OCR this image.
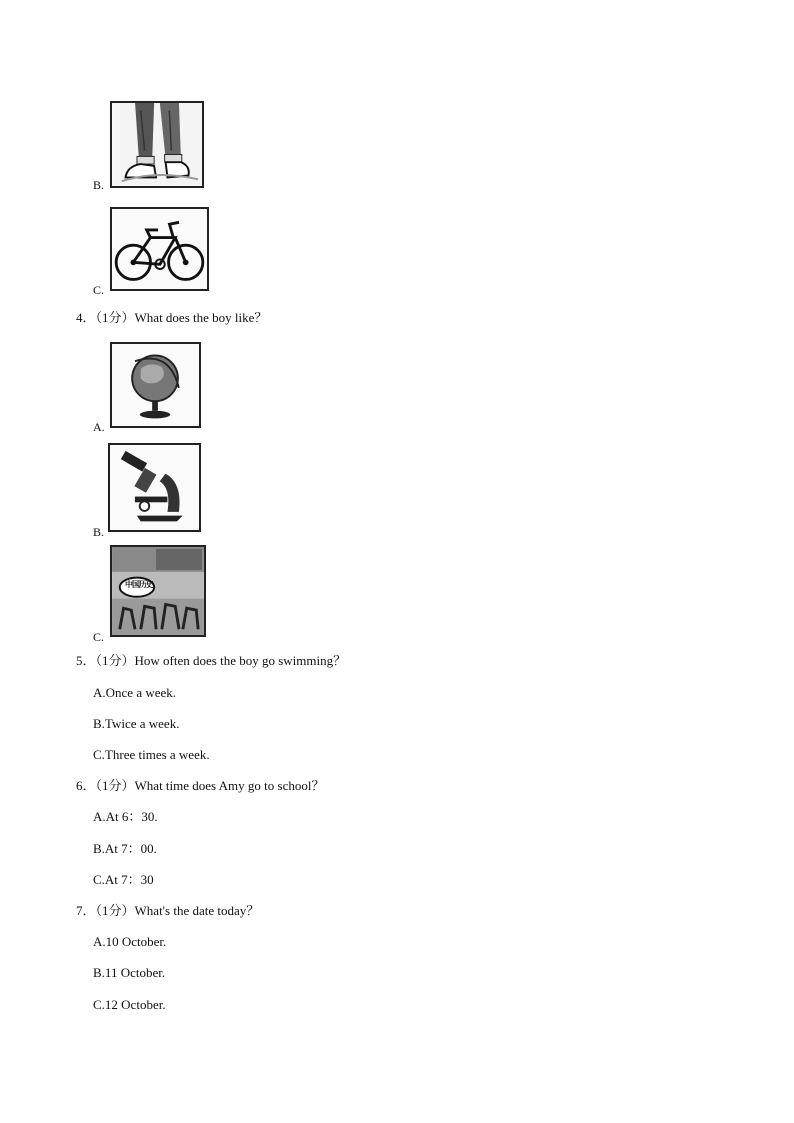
B.
C.
4．（1分）What does the boy like？
A.
B.
中国历史
C.
5．（1分）How often does the boy go swimming？
A.Once a week.
B.Twice a week.
C.Three times a week.
6．（1分）What time does Amy go to school？
A.At 6：30.
B.At 7：00.
C.At 7：30
7．（1分）What's the date today？
A.10 October.
B.11 October.
C.12 October.
